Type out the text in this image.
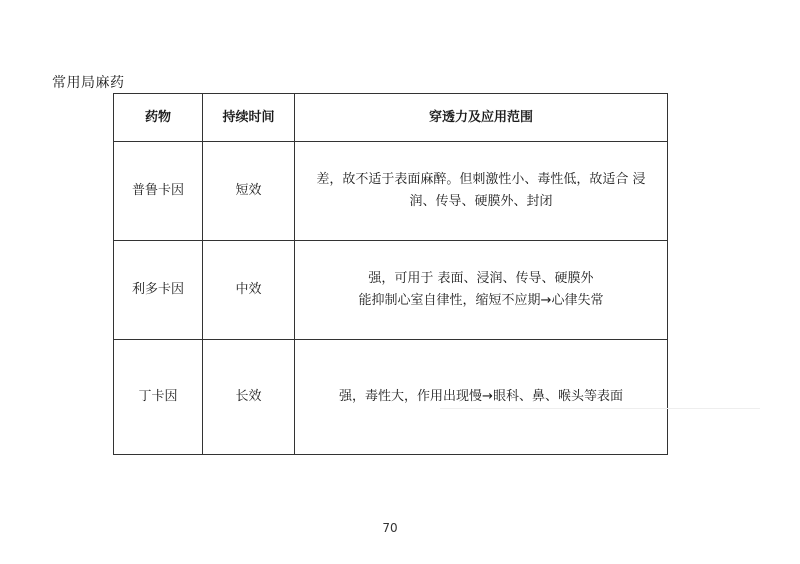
常用局麻药
药物	持续时间	穿透力及应用范围
普鲁卡因	短效	差，故不适于表面麻醉。但刺激性小、毒性低，故适合 浸
润、传导、硬膜外、封闭

利多卡因	中效	强，可用于 表面、浸润、传导、硬膜外
能抑制心室自律性，缩短不应期→心律失常

丁卡因	长效	强，毒性大，作用出现慢→眼科、鼻、喉头等表面
70
